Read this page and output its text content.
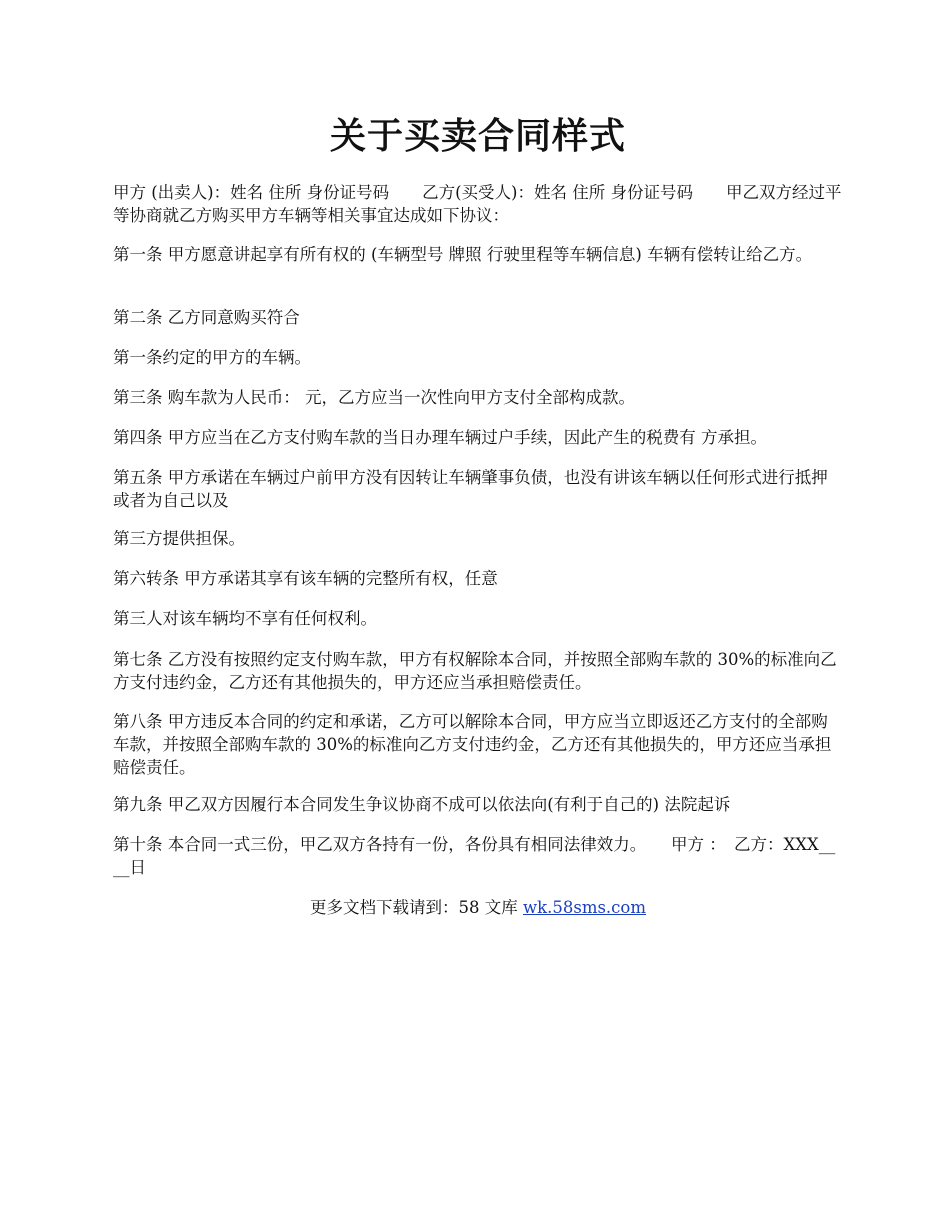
关于买卖合同样式

甲方 (出卖人)：姓名 住所 身份证号码　　乙方(买受人)：姓名 住所 身份证号码　　甲乙双方经过平等协商就乙方购买甲方车辆等相关事宜达成如下协议：

第一条 甲方愿意讲起享有所有权的 (车辆型号 牌照 行驶里程等车辆信息) 车辆有偿转让给乙方。

第二条 乙方同意购买符合

第一条约定的甲方的车辆。

第三条 购车款为人民币： 元，乙方应当一次性向甲方支付全部构成款。

第四条 甲方应当在乙方支付购车款的当日办理车辆过户手续，因此产生的税费有 方承担。

第五条 甲方承诺在车辆过户前甲方没有因转让车辆肇事负债，也没有讲该车辆以任何形式进行抵押或者为自己以及

第三方提供担保。

第六转条 甲方承诺其享有该车辆的完整所有权，任意

第三人对该车辆均不享有任何权利。

第七条 乙方没有按照约定支付购车款，甲方有权解除本合同，并按照全部购车款的 30%的标准向乙方支付违约金，乙方还有其他损失的，甲方还应当承担赔偿责任。

第八条 甲方违反本合同的约定和承诺，乙方可以解除本合同，甲方应当立即返还乙方支付的全部购车款，并按照全部购车款的 30%的标准向乙方支付违约金，乙方还有其他损失的，甲方还应当承担赔偿责任。

第九条 甲乙双方因履行本合同发生争议协商不成可以依法向(有利于自己的) 法院起诉

第十条 本合同一式三份，甲乙双方各持有一份，各份具有相同法律效力。　　甲方 ：　乙方：XXX____日

更多文档下载请到：58 文库 wk.58sms.com
